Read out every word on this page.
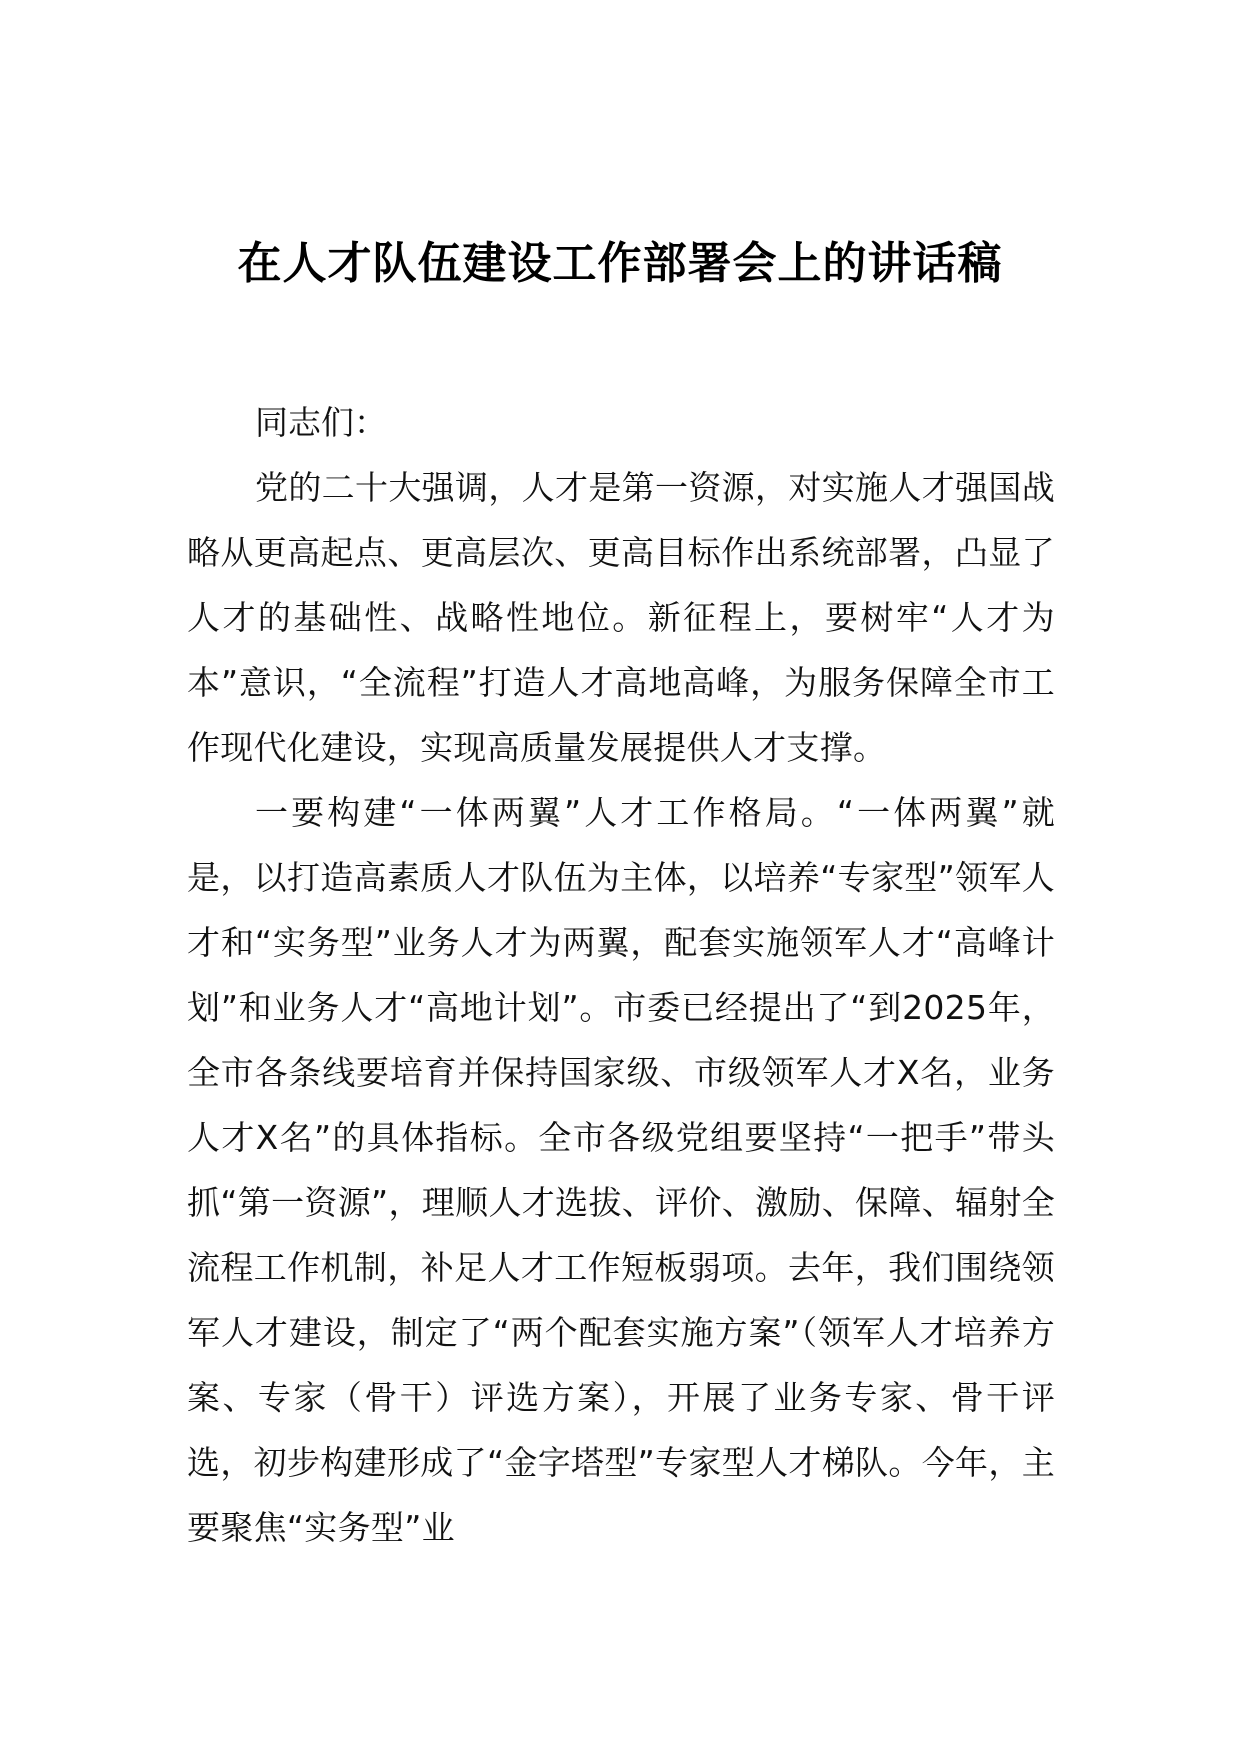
在人才队伍建设工作部署会上的讲话稿

同志们：

党的二十大强调，人才是第一资源，对实施人才强国战略从更高起点、更高层次、更高目标作出系统部署，凸显了人才的基础性、战略性地位。新征程上，要树牢“人才为本”意识，“全流程”打造人才高地高峰，为服务保障全市工作现代化建设，实现高质量发展提供人才支撑。

一要构建“一体两翼”人才工作格局。“一体两翼”就是，以打造高素质人才队伍为主体，以培养“专家型”领军人才和“实务型”业务人才为两翼，配套实施领军人才“高峰计划”和业务人才“高地计划”。市委已经提出了“到2025年，全市各条线要培育并保持国家级、市级领军人才X名，业务人才X名”的具体指标。全市各级党组要坚持“一把手”带头抓“第一资源”，理顺人才选拔、评价、激励、保障、辐射全流程工作机制，补足人才工作短板弱项。去年，我们围绕领军人才建设，制定了“两个配套实施方案”（领军人才培养方案、专家（骨干）评选方案），开展了业务专家、骨干评选，初步构建形成了“金字塔型”专家型人才梯队。今年，主要聚焦“实务型”业
